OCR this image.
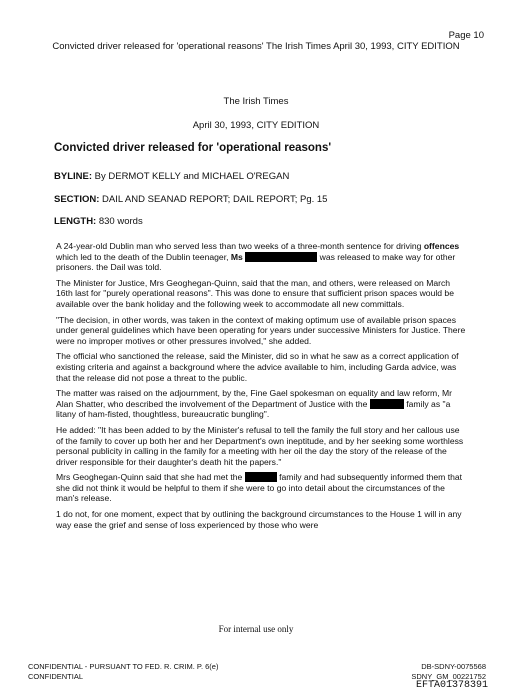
Page 10
Convicted driver released for 'operational reasons' The Irish Times April 30, 1993, CITY EDITION
The Irish Times
April 30, 1993, CITY EDITION
Convicted driver released for 'operational reasons'
BYLINE: By DERMOT KELLY and MICHAEL O'REGAN
SECTION: DAIL AND SEANAD REPORT; DAIL REPORT; Pg. 15
LENGTH: 830 words

A 24-year-old Dublin man who served less than two weeks of a three-month sentence for driving offences which led to the death of the Dublin teenager, Ms	was released to make way for other prisoners. the Dail was told.

The Minister for Justice, Mrs Geoghegan-Quinn, said that the man, and others, were released on March 16th last for "purely operational reasons". This was done to ensure that sufficient prison spaces would be available over the bank holiday and the following week to accommodate all new committals.

"The decision, in other words, was taken in the context of making optimum use of available prison spaces under general guidelines which have been operating for years under successive Ministers for Justice. There were no improper motives or other pressures involved," she added.

The official who sanctioned the release, said the Minister, did so in what he saw as a correct application of existing criteria and against a background where the advice available to him, including Garda advice, was that the release did not pose a threat to the public.

The matter was raised on the adjournment, by the, Fine Gael spokesman on equality and law reform, Mr Alan Shatter, who described the involvement of the Department of Justice with the	family as "a litany of ham-fisted, thoughtless, bureaucratic bungling".

He added: "It has been added to by the Minister's refusal to tell the family the full story and her callous use of the family to cover up both her and her Department's own ineptitude, and by her seeking some worthless personal publicity in calling in the family for a meeting with her oil the day the story of the release of the driver responsible for their daughter's death hit the papers."

Mrs Geoghegan-Quinn said that she had met the	family and had subsequently informed them that she did not think it would be helpful to them if she were to go into detail about the circumstances of the man's release.

1 do not, for one moment, expect that by outlining the background circumstances to the House 1 will in any way ease the grief and sense of loss experienced by those who were

For internal use only
CONFIDENTIAL - PURSUANT TO FED. R. CRIM. P. 6(e)
CONFIDENTIAL
DB-SDNY-0075568
SDNY_GM_00221752
EFTA01378391
